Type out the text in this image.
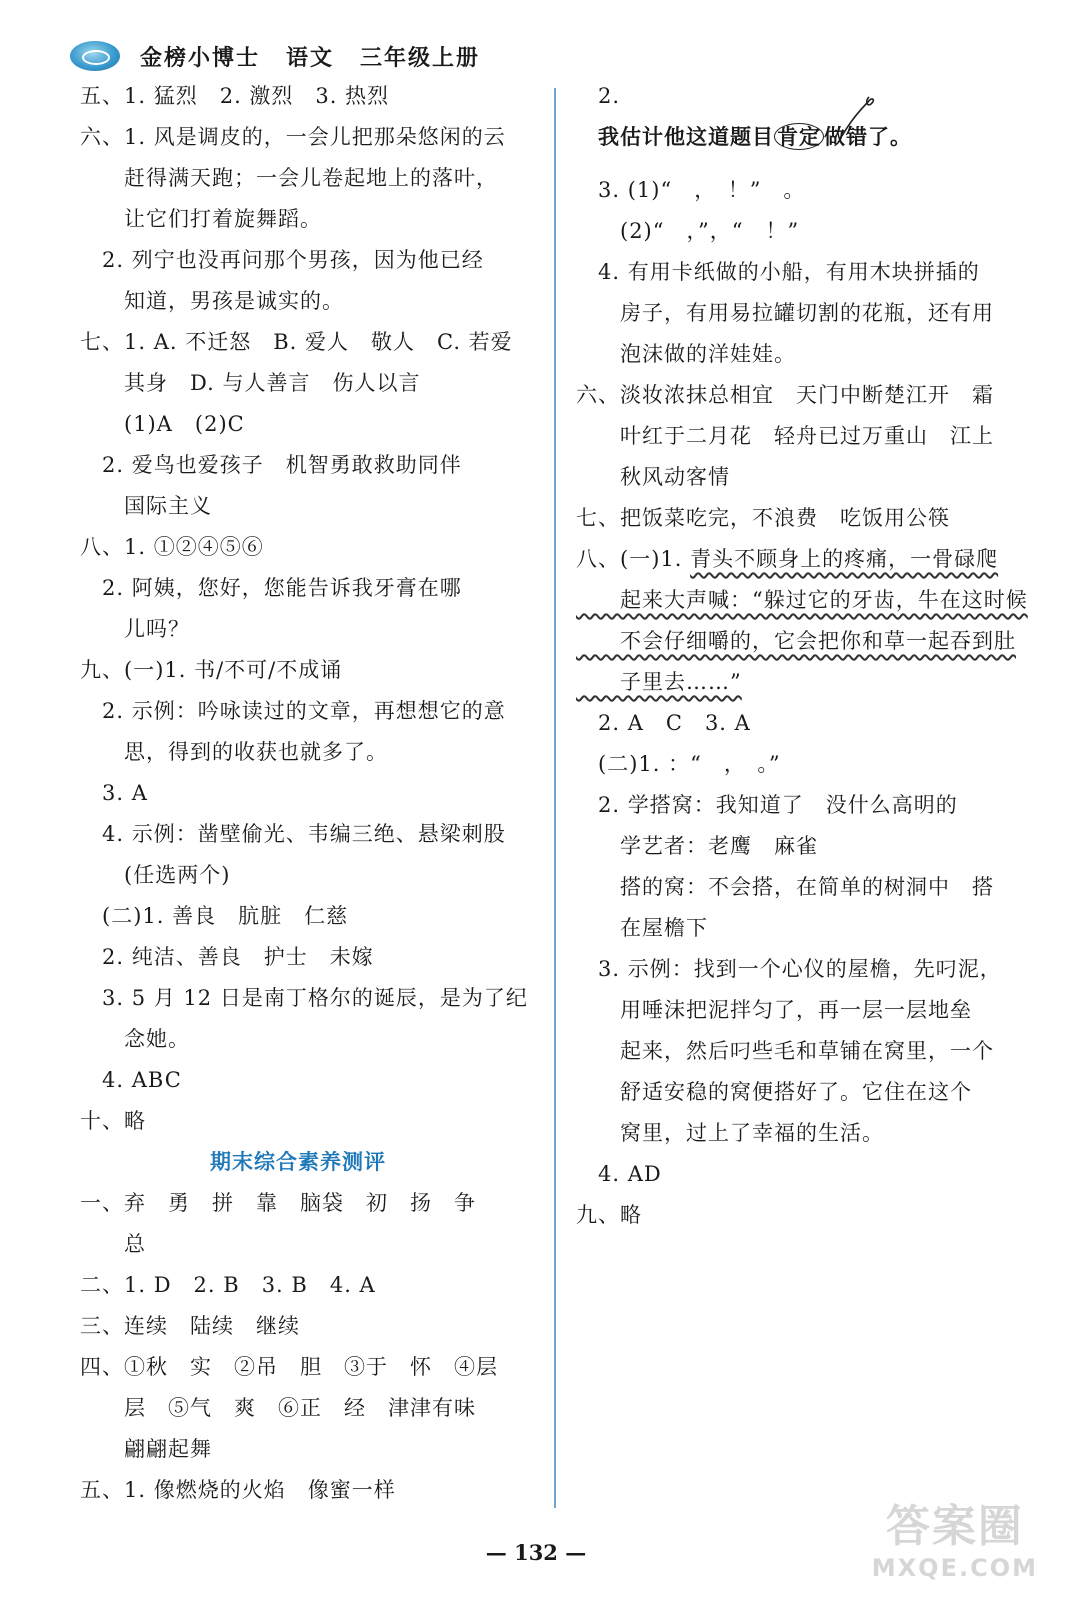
金榜小博士 语文 三年级上册
五、1. 猛烈　2. 激烈　3. 热烈
六、1. 风是调皮的，一会儿把那朵悠闲的云
　　赶得满天跑；一会儿卷起地上的落叶，
　　让它们打着旋舞蹈。
　2. 列宁也没再问那个男孩，因为他已经
　　知道，男孩是诚实的。
七、1. A. 不迁怒　B. 爱人　敬人　C. 若爱
　　其身　D. 与人善言　伤人以言
　　(1)A　(2)C
　2. 爱鸟也爱孩子　机智勇敢救助同伴
　　国际主义
八、1. ①②④⑤⑥
　2. 阿姨，您好，您能告诉我牙膏在哪
　　儿吗？
九、(一)1. 书/不可/不成诵
　2. 示例：吟咏读过的文章，再想想它的意
　　思，得到的收获也就多了。
　3. A
　4. 示例：凿壁偷光、韦编三绝、悬梁刺股
　　(任选两个)
　(二)1. 善良　肮脏　仁慈
　2. 纯洁、善良　护士　未嫁
　3. 5 月 12 日是南丁格尔的诞辰，是为了纪
　　念她。
　4. ABC
十、略
期末综合素养测评
一、弃　勇　拼　靠　脑袋　初　扬　争
　　总
二、1. D　2. B　3. B　4. A
三、连续　陆续　继续
四、①秋　实　②吊　胆　③于　怀　④层
　　层　⑤气　爽　⑥正　经　津津有味
　　翩翩起舞
五、1. 像燃烧的火焰　像蜜一样
　2.
　我估计他这道题目 肯定 做错了。
　3. (1)“　，　！”　。
　　(2)“　，”，“　！”
　4. 有用卡纸做的小船，有用木块拼插的
　　房子，有用易拉罐切割的花瓶，还有用
　　泡沫做的洋娃娃。
六、淡妆浓抹总相宜　天门中断楚江开　霜
　　叶红于二月花　轻舟已过万重山　江上
　　秋风动客情
七、把饭菜吃完，不浪费　吃饭用公筷
八、(一)1. 青头不顾身上的疼痛，一骨碌爬
　　起来大声喊：“躲过它的牙齿，牛在这时候
　　不会仔细嚼的，它会把你和草一起吞到肚
　　子里去……”
　2. A　C　3. A
　(二)1. ：“　，　。”
　2. 学搭窝：我知道了　没什么高明的
　　学艺者：老鹰　麻雀
　　搭的窝：不会搭，在简单的树洞中　搭
　　在屋檐下
　3. 示例：找到一个心仪的屋檐，先叼泥，
　　用唾沫把泥拌匀了，再一层一层地垒
　　起来，然后叼些毛和草铺在窝里，一个
　　舒适安稳的窝便搭好了。它住在这个
　　窝里，过上了幸福的生活。
　4. AD
九、略
— 132 —
答案圈
MXQE.COM
